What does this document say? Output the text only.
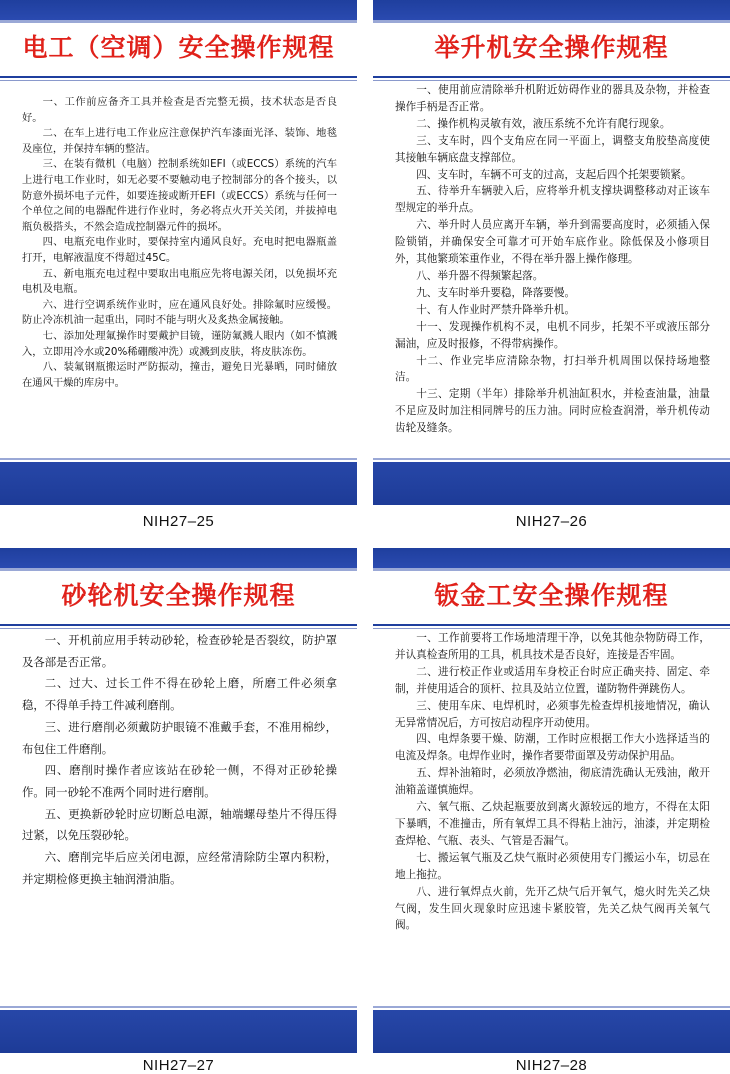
电工（空调）安全操作规程

一、工作前应备齐工具并检查是否完整无损，技术状态是否良好。

二、在车上进行电工作业应注意保护汽车漆面光泽、装饰、地毯及座位，并保持车辆的整洁。

三、在装有微机（电脑）控制系统如EFI（或ECCS）系统的汽车上进行电工作业时，如无必要不要触动电子控制部分的各个接头，以防意外损坏电子元件，如要连接或断开EFI（或ECCS）系统与任何一个单位之间的电器配件进行作业时，务必将点火开关关闭，并拔掉电瓶负极搭头，不然会造成控制器元件的损坏。

四、电瓶充电作业时，要保持室内通风良好。充电时把电器瓶盖打开，电解液温度不得超过45C。

五、新电瓶充电过程中要取出电瓶应先将电源关闭，以免损坏充电机及电瓶。

六、进行空调系统作业时，应在通风良好处。排除氟时应缓慢。防止冷冻机油一起重出，同时不能与明火及炙热金属接触。

七、添加处理氟操作时要戴护目镜，谨防氟溅人眼内（如不慎溅入，立即用冷水或20%稀硼酸冲洗）或溅到皮肤，将皮肤冻伤。

八、装氟钢瓶搬运时严防振动，撞击，避免日光暴晒，同时储放在通风干燥的库房中。

NIH27–25
举升机安全操作规程

一、使用前应清除举升机附近妨碍作业的器具及杂物，并检查操作手柄是否正常。

二、操作机构灵敏有效，液压系统不允许有爬行现象。

三、支车时，四个支角应在同一平面上，调整支角胶垫高度使其接触车辆底盘支撑部位。

四、支车时，车辆不可支的过高，支起后四个托架要锁紧。

五、待举升车辆驶入后，应将举升机支撑块调整移动对正该车型规定的举升点。

六、举升时人员应离开车辆，举升到需要高度时，必须插入保险锁销，并确保安全可靠才可开始车底作业。除低保及小修项目外，其他繁琐笨重作业，不得在举升器上操作修理。

八、举升器不得频繁起落。

九、支车时举升要稳，降落要慢。

十、有人作业时严禁升降举升机。

十一、发现操作机构不灵，电机不同步，托架不平或液压部分漏油，应及时报修，不得带病操作。

十二、作业完毕应清除杂物，打扫举升机周围以保持场地整洁。

十三、定期（半年）排除举升机油缸积水，并检查油量，油量不足应及时加注相同牌号的压力油。同时应检查润滑，举升机传动齿轮及缝条。

NIH27–26
砂轮机安全操作规程

一、开机前应用手转动砂轮，检查砂轮是否裂纹，防护罩及各部是否正常。

二、过大、过长工件不得在砂轮上磨，所磨工件必须拿稳，不得单手持工件减利磨削。

三、进行磨削必须戴防护眼镜不准戴手套，不准用棉纱，布包住工件磨削。

四、磨削时操作者应该站在砂轮一侧，不得对正砂轮操作。同一砂轮不准两个同时进行磨削。

五、更换新砂轮时应切断总电源，轴端螺母垫片不得压得过紧，以免压裂砂轮。

六、磨削完毕后应关闭电源，应经常清除防尘罩内积粉，并定期检修更换主轴润滑油脂。

NIH27–27
钣金工安全操作规程

一、工作前要将工作场地清理干净，以免其他杂物防碍工作，并认真检查所用的工具，机具技术是否良好，连接是否牢固。

二、进行校正作业或适用车身校正台时应正确夹持、固定、牵制，并使用适合的顶杆、拉具及站立位置，谨防物件弹跳伤人。

三、使用车床、电焊机时，必须事先检查焊机接地情况，确认无异常情况后，方可按启动程序开动使用。

四、电焊条要干燥、防潮，工作时应根据工作大小选择适当的电流及焊条。电焊作业时，操作者要带面罩及劳动保护用品。

五、焊补油箱时，必须放净燃油，彻底清洗确认无残油，敞开油箱盖谨慎施焊。

六、氧气瓶、乙炔起瓶要放到离火源较远的地方，不得在太阳下暴晒，不准撞击，所有氧焊工具不得粘上油污，油漆，并定期检查焊枪、气瓶、表头、气管是否漏气。

七、搬运氧气瓶及乙炔气瓶时必须使用专门搬运小车，切忌在地上拖拉。

八、进行氧焊点火前，先开乙炔气后开氧气，熄火时先关乙炔气阀，发生回火现象时应迅速卡紧胶管，先关乙炔气阀再关氧气阀。

NIH27–28
